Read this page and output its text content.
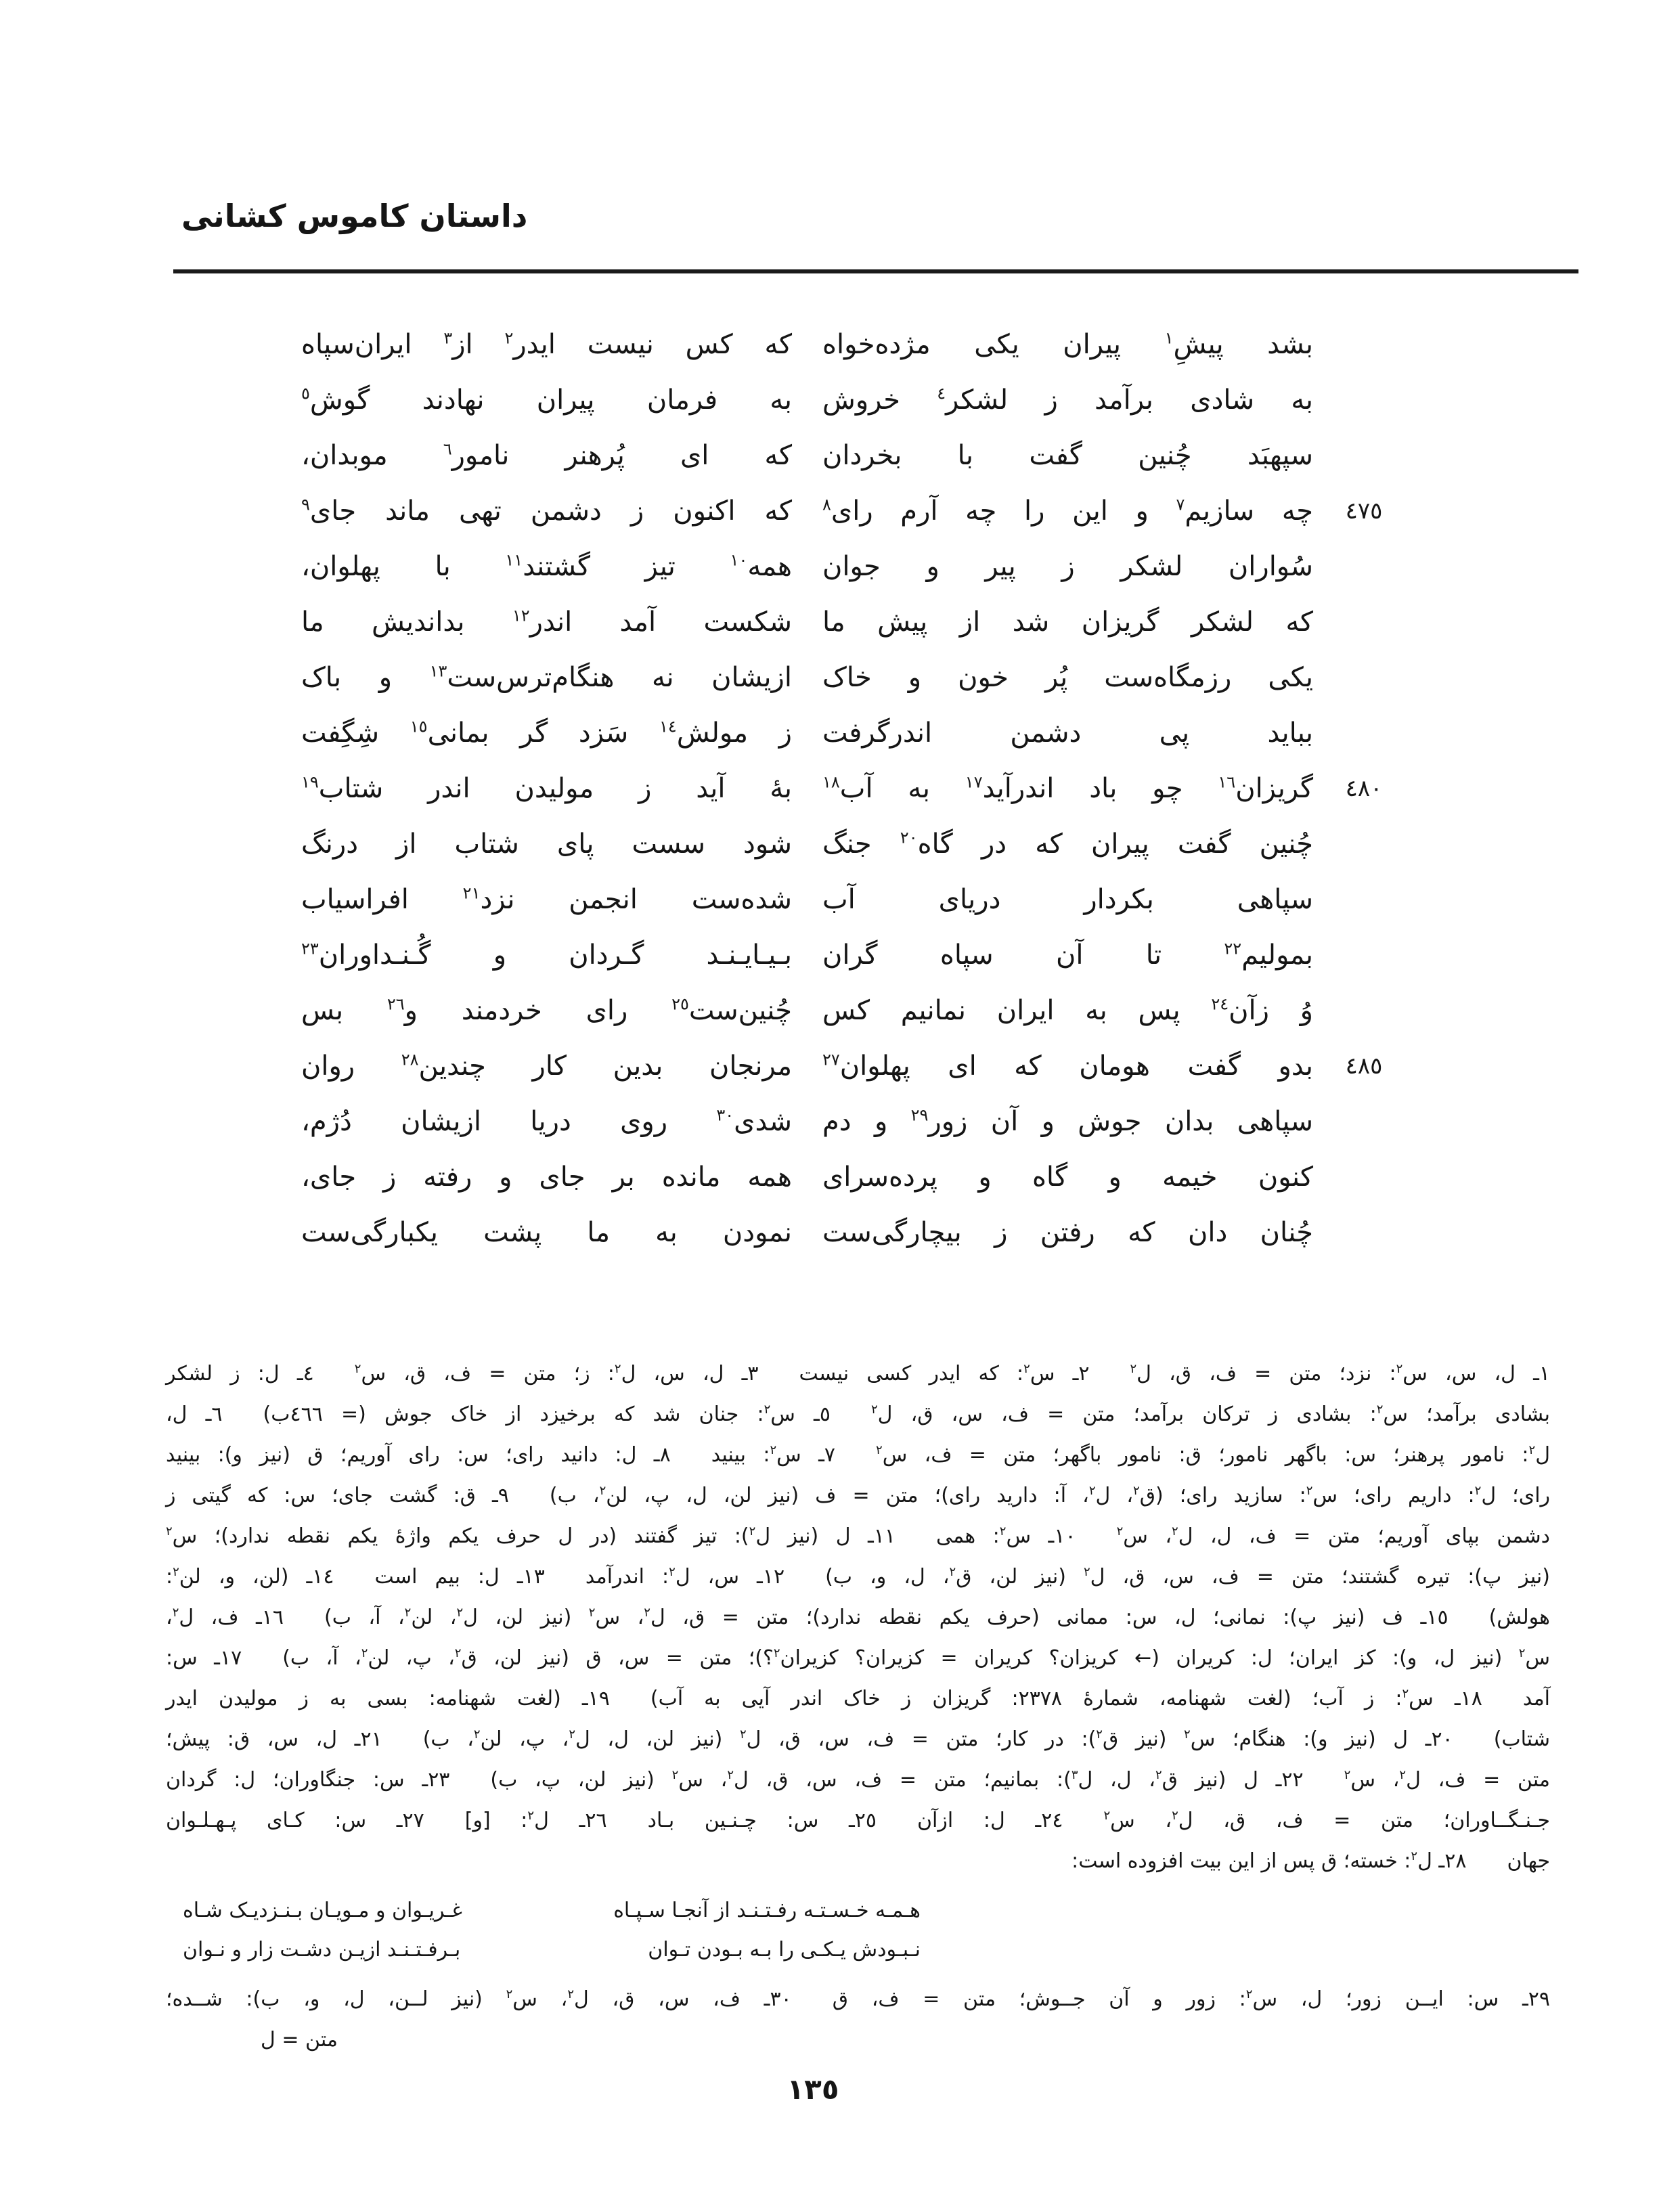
داستان کاموس کشانی
بشد پیشِ$^١$ پیران یکی مژده‌خواه
که کس نیست ایدر$^٢$ از$^٣$ ایران‌سپاه
به شادی برآمد ز لشکر$^٤$ خروش
به فرمان پیران نهادند گوش$^٥$
سپهبَد چُنین گفت با بخردان
که ای پُرهنر نامور$^٦$ موبدان،
٤٧٥
چه سازیم$^٧$ و این را چه آرم رای$^٨$
که اکنون ز دشمن تهی ماند جای$^٩$
سُواران لشکر ز پیر و جوان
همه$^{١٠}$ تیز گشتند$^{١١}$ با پهلوان،
که لشکر گریزان شد از پیش ما
شکست آمد اندر$^{١٢}$ بداندیش ما
یکی رزمگاه‌ست پُر خون و خاک
ازیشان نه هنگام‌ترس‌ست$^{١٣}$ و باک
بباید پی دشمن اندرگرفت
ز مولش$^{١٤}$ سَزد گر بمانی$^{١٥}$ شِگِفت
٤٨٠
گریزان$^{١٦}$ چو باد اندرآید$^{١٧}$ به آب$^{١٨}$
بهٔ آید ز مولیدن اندر شتاب$^{١٩}$
چُنین گفت پیران که در گاه$^{٢٠}$ جنگ
شود سست پای شتاب از درنگ
سپاهی بکردار دریای آب
شده‌ست انجمن نزد$^{٢١}$ افراسیاب
بمولیم$^{٢٢}$ تا آن سپاه گران
بـیـایـنـد گـردان و گُـنـداوران$^{٢٣}$
وُ زآن$^{٢٤}$ پس به ایران نمانیم کس
چُنین‌ست$^{٢٥}$ رای خردمند و$^{٢٦}$ بس
٤٨٥
بدو گفت هومان که ای پهلوان$^{٢٧}$
مرنجان بدین کار چندین$^{٢٨}$ روان
سپاهی بدان جوش و آن زور$^{٢٩}$ و دم
شدی$^{٣٠}$ روی دریا ازیشان دُژم،
کنون خیمه و گاه و پرده‌سرای
همه مانده بر جای و رفته ز جای،
چُنان دان که رفتن ز بیچارگی‌ست
نمودن به ما پشت یکبارگی‌ست
١ـ ل، س، س$^٢$: نزد؛ متن = ف، ق، ل$^٢$  ٢ـ س$^٢$: که ایدر کسی نیست  ٣ـ ل، س، ل$^٢$: ز؛ متن = ف، ق، س$^٢$  ٤ـ ل: ز لشکر
بشادی برآمد؛ س$^٢$: بشادی ز ترکان برآمد؛ متن = ف، س، ق، ل$^٢$  ٥ـ س$^٢$: جنان شد که برخیزد از خاک جوش (= ٤٦٦ب)  ٦ـ ل،
ل$^٢$: نامور پرهنر؛ س: باگهر نامور؛ ق: نامور باگهر؛ متن = ف، س$^٢$  ٧ـ س$^٢$: بینید  ٨ـ ل: دانید رای؛ س: رای آوریم؛ ق (نیز و): بینید
رای؛ ل$^٢$: داریم رای؛ س$^٢$: سازید رای؛ (ق$^٢$، ل$^٢$، آ: دارید رای)؛ متن = ف (نیز لن، ل، پ، لن$^٢$، ب)  ٩ـ ق: گشت جای؛ س: که گیتی ز
دشمن بپای آوریم؛ متن = ف، ل، ل$^٢$، س$^٢$  ١٠ـ س$^٢$: همی  ١١ـ ل (نیز ل$^٢$): تیز گفتند (در ل حرف یکم واژهٔ یکم نقطه ندارد)؛ س$^٢$
(نیز پ): تیره گشتند؛ متن = ف، س، ق، ل$^٢$ (نیز لن، ق$^٢$، ل، و، ب)  ١٢ـ س، ل$^٢$: اندرآمد  ١٣ـ ل: بیم است  ١٤ـ (لن، و، لن$^٢$:
هولش)  ١٥ـ ف (نیز پ): نمانی؛ ل، س: ممانی (حرف یکم نقطه ندارد)؛ متن = ق، ل$^٢$، س$^٢$ (نیز لن، ل$^٢$، لن$^٢$، آ، ب)  ١٦ـ ف، ل$^٢$،
س$^٢$ (نیز ل، و): کز ایران؛ ل: کریران (← کریزان؟ کریران = کزیران؟ کزیران$^٢$؟)؛ متن = س، ق (نیز لن، ق$^٢$، پ، لن$^٢$، آ، ب)  ١٧ـ س:
آمد  ١٨ـ س$^٢$: ز آب؛ (لغت شهنامه، شمارهٔ ٢٣٧٨: گریزان ز خاک اندر آیی به آب)  ١٩ـ (لغت شهنامه: بسی به ز مولیدن ایدر
شتاب)  ٢٠ـ ل (نیز و): هنگام؛ س$^٢$ (نیز ق$^٢$): در کار؛ متن = ف، س، ق، ل$^٢$ (نیز لن، ل، ل$^٢$، پ، لن$^٢$، ب)  ٢١ـ ل، س، ق: پیش؛
متن = ف، ل$^٢$، س$^٢$  ٢٢ـ ل (نیز ق$^٢$، ل، ل$^٣$): بمانیم؛ متن = ف، س، ق، ل$^٢$، س$^٢$ (نیز لن، پ، ب)  ٢٣ـ س: جنگاوران؛ ل: گردان
جـنـگــاوران؛ متن = ف، ق، ل$^٢$، س$^٢$  ٢٤ـ ل: ازآن  ٢٥ـ س: چـنـین بـاد  ٢٦ـ ل$^٢$: [و]  ٢٧ـ س: کـای پـهـلـوان
جهان  ٢٨ـ ل$^٢$: خسته؛ ق پس از این بیت افزوده است:
هـمـه خـسـتـه رفـتـنـد از آنجـا سـپـاه
غـریـوان و مـویـان بـنـزدیـک شـاه
نـبـودش یـکـی را بـه بـودن تـوان
بـرفـتـنـد ازیـن دشـت زار و نـوان
٢٩ـ س: ایــن زور؛ ل، س$^٢$: زور و آن جــوش؛ متن = ف، ق  ٣٠ـ ف، س، ق، ل$^٢$، س$^٢$ (نیز لــن، ل، و، ب): شــده؛
متن = ل
١٣٥
